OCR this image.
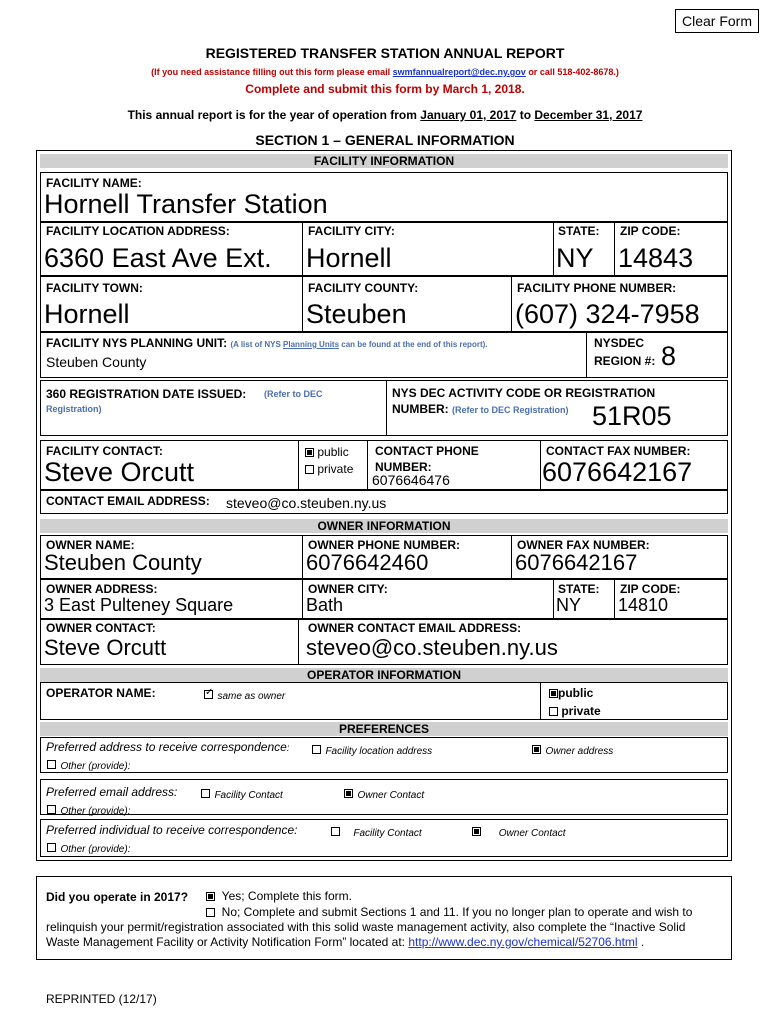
Clear Form
REGISTERED TRANSFER STATION ANNUAL REPORT
(If you need assistance filling out this form please email swmfannualreport@dec.ny.gov or call 518-402-8678.)
Complete and submit this form by March 1, 2018.
This annual report is for the year of operation from January 01, 2017 to December 31, 2017
SECTION 1 – GENERAL INFORMATION
FACILITY INFORMATION
FACILITY NAME:
Hornell Transfer Station
FACILITY LOCATION ADDRESS:
6360 East Ave Ext.
FACILITY CITY:
Hornell
STATE:
NY
ZIP CODE:
14843
FACILITY TOWN:
Hornell
FACILITY COUNTY:
Steuben
FACILITY PHONE NUMBER:
(607) 324-7958
FACILITY NYS PLANNING UNIT: (A list of NYS Planning Units can be found at the end of this report).
Steuben County
NYSDEC
REGION #: 8
360 REGISTRATION DATE ISSUED:	(Refer to DEC Registration)
NYS DEC ACTIVITY CODE OR REGISTRATION
NUMBER: (Refer to DEC Registration) 51R05
FACILITY CONTACT:
Steve Orcutt
public
private
CONTACT PHONE
NUMBER:
6076646476
CONTACT FAX NUMBER:
6076642167
CONTACT EMAIL ADDRESS: steveo@co.steuben.ny.us
OWNER INFORMATION
OWNER NAME:
Steuben County
OWNER PHONE NUMBER:
6076642460
OWNER FAX NUMBER:
6076642167
OWNER ADDRESS:
3 East Pulteney Square
OWNER CITY:
Bath
STATE:
NY
ZIP CODE:
14810
OWNER CONTACT:
Steve Orcutt
OWNER CONTACT EMAIL ADDRESS:
steveo@co.steuben.ny.us
OPERATOR INFORMATION
OPERATOR NAME:
✓	same as owner	public
private
PREFERENCES
Preferred address to receive correspondence:	Facility location address	Owner address
Other (provide):
Preferred email address:	Facility Contact	Owner Contact
Other (provide):
Preferred individual to receive correspondence:	Facility Contact	Owner Contact
Other (provide):
Did you operate in 2017?	Yes; Complete this form.
No; Complete and submit Sections 1 and 11. If you no longer plan to operate and wish to
relinquish your permit/registration associated with this solid waste management activity, also complete the “Inactive Solid
Waste Management Facility or Activity Notification Form” located at: http://www.dec.ny.gov/chemical/52706.html .
REPRINTED (12/17)
